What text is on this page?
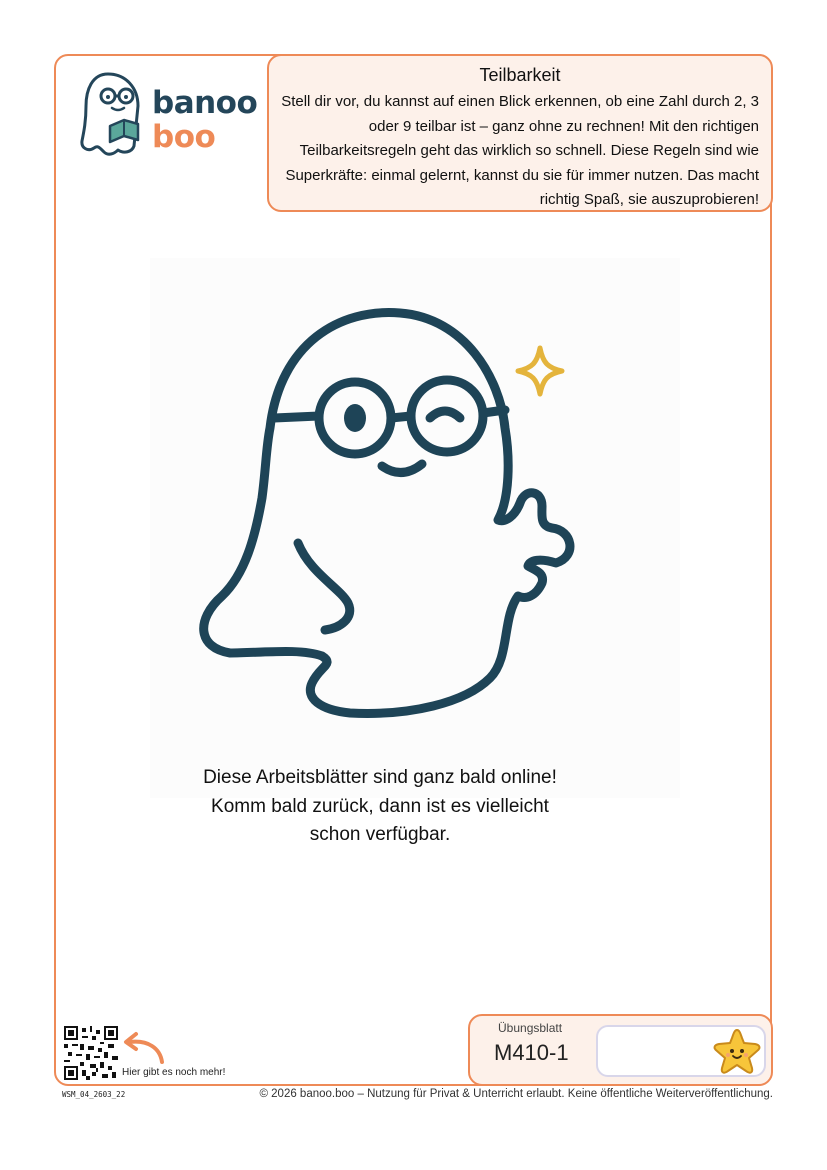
banoo
boo
Teilbarkeit

Stell dir vor, du kannst auf einen Blick erkennen, ob eine Zahl durch 2, 3 oder 9 teilbar ist – ganz ohne zu rechnen! Mit den richtigen Teilbarkeitsregeln geht das wirklich so schnell. Diese Regeln sind wie Superkräfte: einmal gelernt, kannst du sie für immer nutzen. Das macht richtig Spaß, sie auszuprobieren!

Diese Arbeitsblätter sind ganz bald online! Komm bald zurück, dann ist es vielleicht schon verfügbar.
Hier gibt es noch mehr!
WSM_04_2603_22	© 2026 banoo.boo – Nutzung für Privat & Unterricht erlaubt. Keine öffentliche Weiterveröffentlichung.
Übungsblatt
M410-1
